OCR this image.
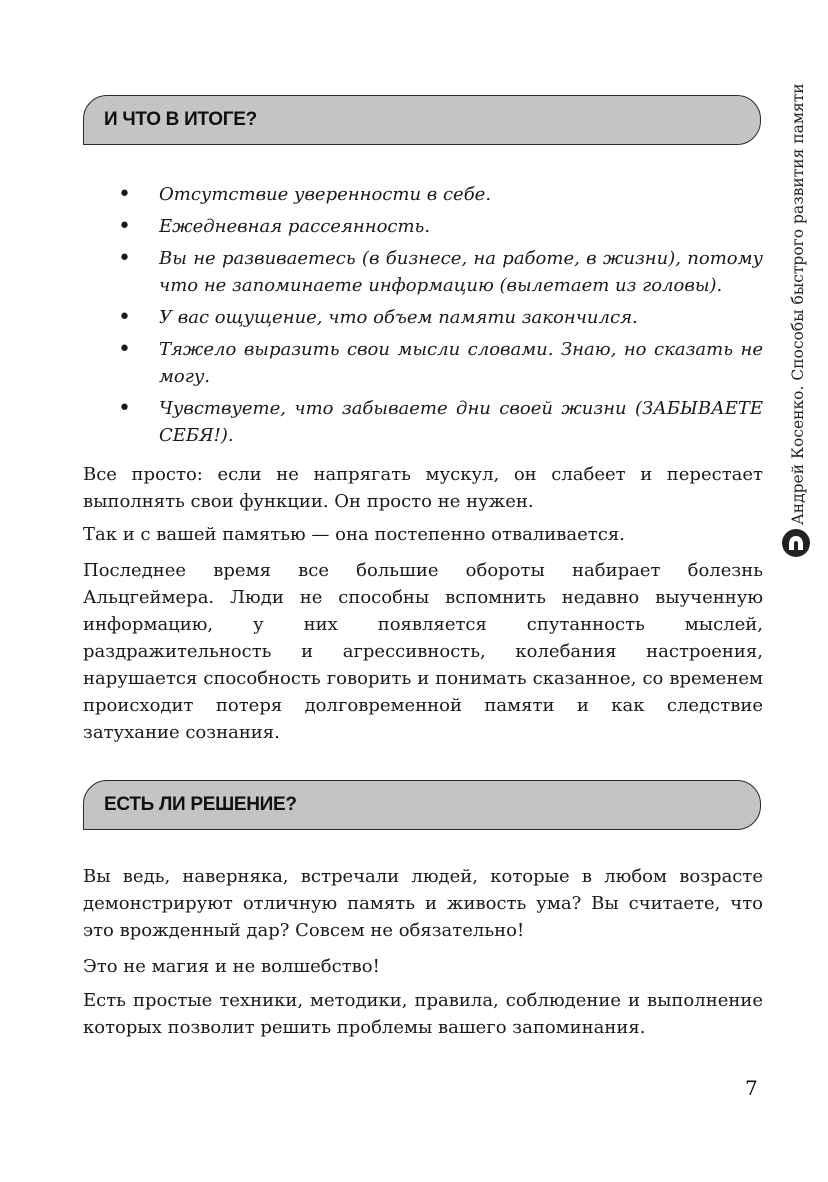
И ЧТО В ИТОГЕ?
• Отсутствие уверенности в себе.
• Ежедневная рассеянность.
• Вы не развиваетесь (в бизнесе, на работе, в жизни), потому что не запоминаете информацию (вылетает из головы).
• У вас ощущение, что объем памяти закончился.
• Тяжело выразить свои мысли словами. Знаю, но сказать не могу.
• Чувствуете, что забываете дни своей жизни (ЗАБЫВАЕТЕ СЕБЯ!).

Все просто: если не напрягать мускул, он слабеет и перестает выполнять свои функции. Он просто не нужен.

Так и с вашей памятью — она постепенно отваливается.

Последнее время все большие обороты набирает болезнь Альцгеймера. Люди не способны вспомнить недавно выученную информацию, у них появляется спутанность мыслей, раздражительность и агрессивность, колебания настроения, нарушается способность говорить и понимать сказанное, со временем происходит потеря долговременной памяти и как следствие затухание сознания.

ЕСТЬ ЛИ РЕШЕНИЕ?

Вы ведь, наверняка, встречали людей, которые в любом возрасте демонстрируют отличную память и живость ума? Вы считаете, что это врожденный дар? Совсем не обязательно!

Это не магия и не волшебство!

Есть простые техники, методики, правила, соблюдение и выполнение которых позволит решить проблемы вашего запоминания.

Андрей Косенко. Способы быстрого развития памяти
7
